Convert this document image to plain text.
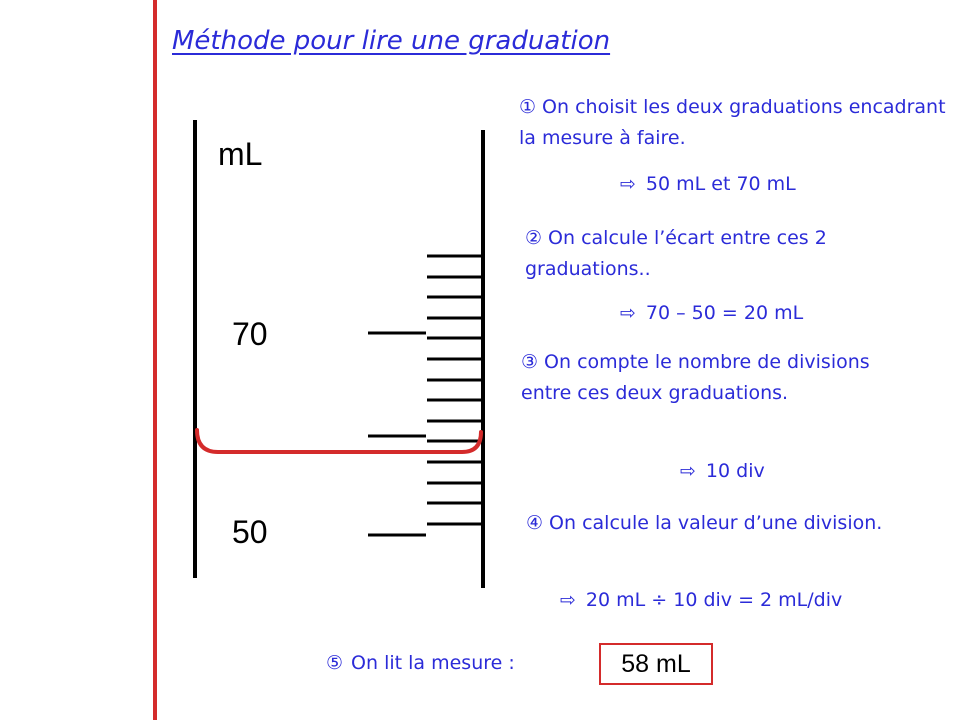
Méthode pour lire une graduation
mL
70
50
① On choisit les deux graduations encadrant la mesure à faire.
⇨ 50 mL et 70 mL
② On calcule l’écart entre ces 2 graduations..
⇨ 70 – 50 = 20 mL
③ On compte le nombre de divisions entre ces deux graduations.
⇨ 10 div
④ On calcule la valeur d’une division.
⇨ 20 mL ÷ 10 div = 2 mL/div
⑤ On lit la mesure :	58 mL
